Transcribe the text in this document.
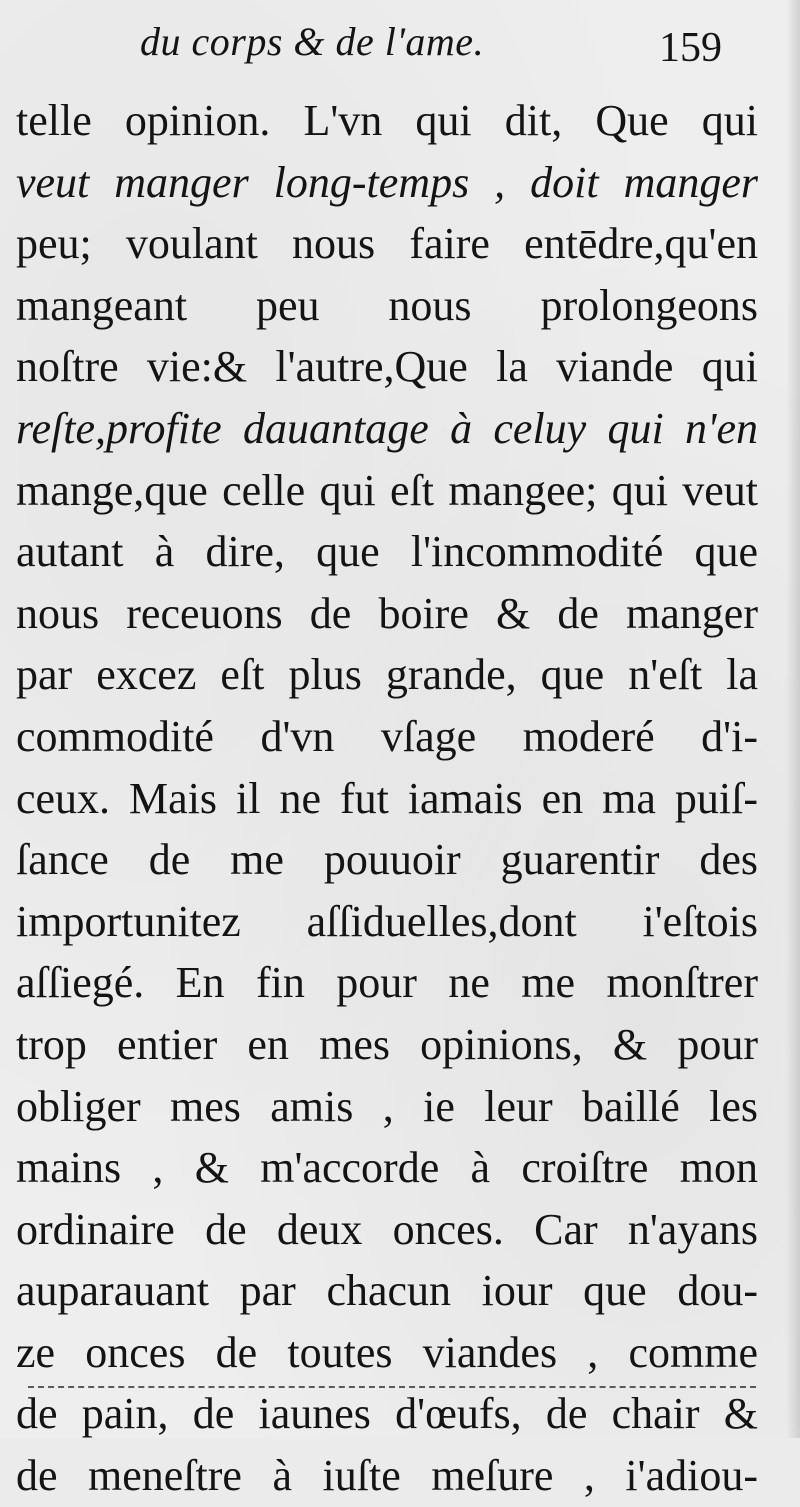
du corps & de l'ame.	159
telle opinion. L'vn qui dit, Que qui
veut manger long-temps , doit manger
peu; voulant nous faire entēdre,qu'en
mangeant peu nous prolongeons
noſtre vie:& l'autre,Que la viande qui
reſte,profite dauantage à celuy qui n'en
mange,que celle qui eſt mangee; qui veut
autant à dire, que l'incommodité que
nous receuons de boire & de manger
par excez eſt plus grande, que n'eſt la
commodité d'vn vſage moderé d'i-
ceux. Mais il ne fut iamais en ma puiſ-
ſance de me pouuoir guarentir des
importunitez aſſiduelles,dont i'eſtois
aſſiegé. En fin pour ne me monſtrer
trop entier en mes opinions, & pour
obliger mes amis , ie leur baillé les
mains , & m'accorde à croiſtre mon
ordinaire de deux onces. Car n'ayans
auparauant par chacun iour que dou-
ze onces de toutes viandes , comme
de pain, de iaunes d'œufs, de chair &
de meneſtre à iuſte meſure , i'adiou-
